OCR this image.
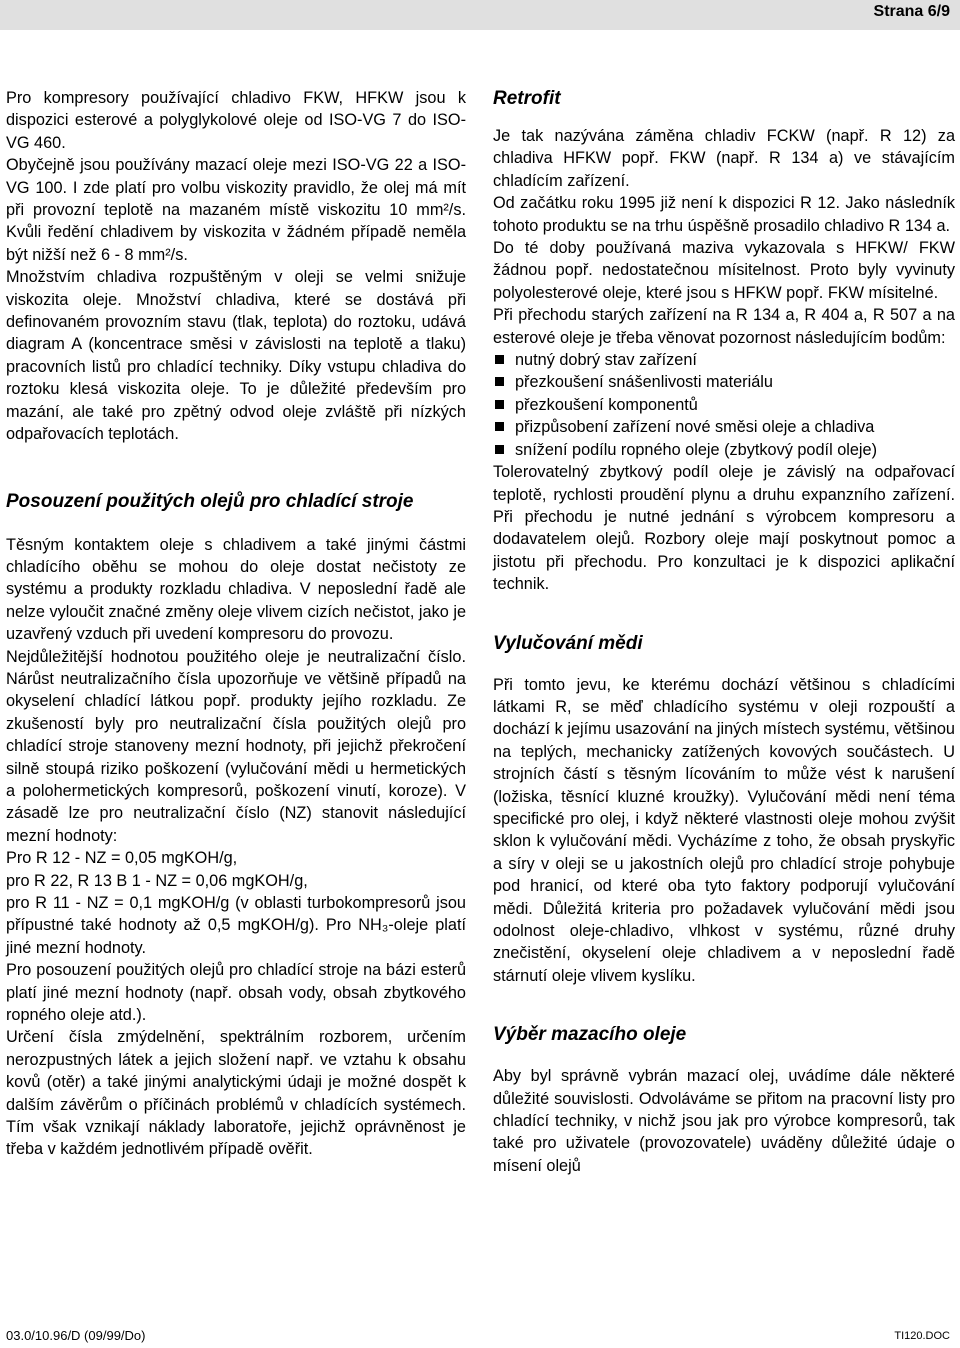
Strana 6/9

Pro kompresory používající chladivo FKW, HFKW jsou k dispozici esterové a polyglykolové oleje od ISO-VG 7 do ISO-VG 460.

Obyčejně jsou používány mazací oleje mezi ISO-VG 22 a ISO-VG 100. I zde platí pro volbu viskozity pravidlo, že olej má mít při provozní teplotě na mazaném místě viskozitu 10 mm²/s. Kvůli ředění chladivem by viskozita v žádném případě neměla být nižší než 6 - 8 mm²/s.

Množstvím chladiva rozpuštěným v oleji se velmi snižuje viskozita oleje. Množství chladiva, které se dostává při definovaném provozním stavu (tlak, teplota) do roztoku, udává diagram A (koncentrace směsi v závislosti na teplotě a tlaku) pracovních listů pro chladící techniky. Díky vstupu chladiva do roztoku klesá viskozita oleje. To je důležité především pro mazání, ale také pro zpětný odvod oleje zvláště při nízkých odpařovacích teplotách.

Posouzení použitých olejů pro chladící stroje

Těsným kontaktem oleje s chladivem a také jinými částmi chladícího oběhu se mohou do oleje dostat nečistoty ze systému a produkty rozkladu chladiva. V neposlední řadě ale nelze vyloučit značné změny oleje vlivem cizích nečistot, jako je uzavřený vzduch při uvedení kompresoru do provozu.

Nejdůležitější hodnotou použitého oleje je neutralizační číslo. Nárůst neutralizačního čísla upozorňuje ve většině případů na okyselení chladící látkou popř. produkty jejího rozkladu. Ze zkušeností byly pro neutralizační čísla použitých olejů pro chladící stroje stanoveny mezní hodnoty, při jejichž překročení silně stoupá riziko poškození (vylučování mědi u hermetických a polohermetických kompresorů, poškození vinutí, koroze). V zásadě lze pro neutralizační číslo (NZ) stanovit následující mezní hodnoty:

Pro R 12 - NZ = 0,05 mgKOH/g,

pro R 22, R 13 B 1 - NZ = 0,06 mgKOH/g,

pro R 11 - NZ = 0,1 mgKOH/g (v oblasti turbokompresorů jsou přípustné také hodnoty až 0,5 mgKOH/g). Pro NH₃-oleje platí jiné mezní hodnoty.

Pro posouzení použitých olejů pro chladící stroje na bázi esterů platí jiné mezní hodnoty (např. obsah vody, obsah zbytkového ropného oleje atd.).

Určení čísla zmýdelnění, spektrálním rozborem, určením nerozpustných látek a jejich složení např. ve vztahu k obsahu kovů (otěr) a také jinými analytickými údaji je možné dospět k dalším závěrům o příčinách problémů v chladících systémech. Tím však vznikají náklady laboratoře, jejichž oprávněnost je třeba v každém jednotlivém případě ověřit.

Retrofit

Je tak nazývána záměna chladiv FCKW (např. R 12) za chladiva HFKW popř. FKW (např. R 134 a) ve stávajícím chladícím zařízení.

Od začátku roku 1995 již není k dispozici R 12. Jako následník tohoto produktu se na trhu úspěšně prosadilo chladivo R 134 a.

Do té doby používaná maziva vykazovala s HFKW/ FKW žádnou popř. nedostatečnou mísitelnost. Proto byly vyvinuty polyolesterové oleje, které jsou s HFKW popř. FKW mísitelné.

Při přechodu starých zařízení na R 134 a, R 404 a, R 507 a na esterové oleje je třeba věnovat pozornost následujícím bodům:

nutný dobrý stav zařízení
přezkoušení snášenlivosti materiálu
přezkoušení komponentů
přizpůsobení zařízení nové směsi oleje a chladiva
snížení podílu ropného oleje (zbytkový podíl oleje)

Tolerovatelný zbytkový podíl oleje je závislý na odpařovací teplotě, rychlosti proudění plynu a druhu expanzního zařízení. Při přechodu je nutné jednání s výrobcem kompresoru a dodavatelem olejů. Rozbory oleje mají poskytnout pomoc a jistotu při přechodu. Pro konzultaci je k dispozici aplikační technik.

Vylučování mědi

Při tomto jevu, ke kterému dochází většinou s chladícími látkami R, se měď chladícího systému v oleji rozpouští a dochází k jejímu usazování na jiných místech systému, většinou na teplých, mechanicky zatížených kovových součástech. U strojních částí s těsným lícováním to může vést k narušení (ložiska, těsnící kluzné kroužky). Vylučování mědi není téma specifické pro olej, i když některé vlastnosti oleje mohou zvýšit sklon k vylučování mědi. Vycházíme z toho, že obsah pryskyřic a síry v oleji se u jakostních olejů pro chladící stroje pohybuje pod hranicí, od které oba tyto faktory podporují vylučování mědi. Důležitá kriteria pro požadavek vylučování mědi jsou odolnost oleje-chladivo, vlhkost v systému, různé druhy znečistění, okyselení oleje chladivem a v neposlední řadě stárnutí oleje vlivem kyslíku.

Výběr mazacího oleje

Aby byl správně vybrán mazací olej, uvádíme dále některé důležité souvislosti. Odvoláváme se přitom na pracovní listy pro chladící techniky, v nichž jsou jak pro výrobce kompresorů, tak také pro uživatele (provozovatele) uváděny důležité údaje o mísení olejů

03.0/10.96/D (09/99/Do)	TI120.DOC
